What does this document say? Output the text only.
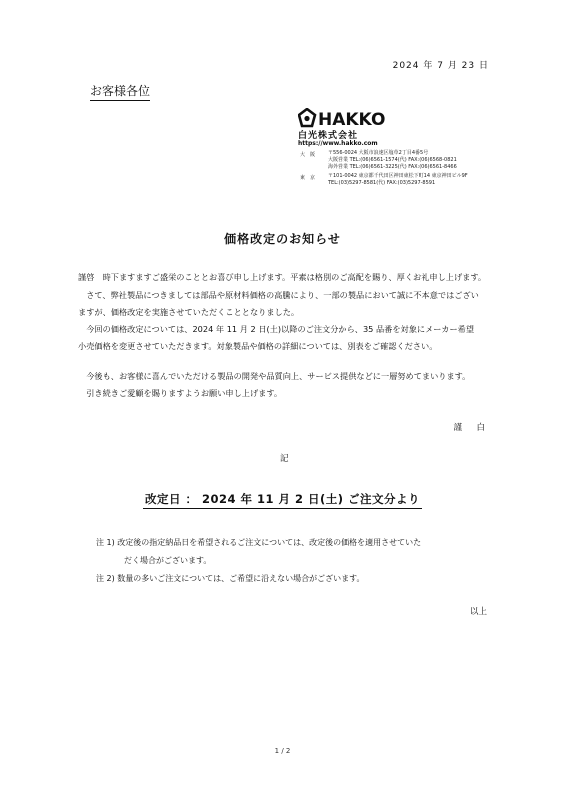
2024 年 7 月 23 日
お客様各位
HAKKO
白光株式会社
https://www.hakko.com
大　阪	〒556-0024 大阪市浪速区塩草2丁目4番5号
大阪営業 TEL:(06)6561-1574(代) FAX:(06)6568-0821
海外営業 TEL:(06)6561-3225(代) FAX:(06)6561-8466
東　京	〒101-0042 東京都千代田区神田東松下町14 東京神田ビル9F
TEL:(03)5297-8581(代) FAX:(03)5297-8591
価格改定のお知らせ
謹啓　時下ますますご盛栄のこととお喜び申し上げます。平素は格別のご高配を賜り、厚くお礼申し上げます。
　さて、弊社製品につきましては部品や原材料価格の高騰により、一部の製品において誠に不本意ではござい
ますが、価格改定を実施させていただくこととなりました。
　今回の価格改定については、2024 年 11 月 2 日(土)以降のご注文分から、35 品番を対象にメーカー希望
小売価格を変更させていただきます。対象製品や価格の詳細については、別表をご確認ください。
　今後も、お客様に喜んでいただける製品の開発や品質向上、サービス提供などに一層努めてまいります。
　引き続きご愛顧を賜りますようお願い申し上げます。
謹　白
記
改定日 ： 2024 年 11 月 2 日(土) ご注文分より
注 1) 改定後の指定納品日を希望されるご注文については、改定後の価格を適用させていた
だく場合がございます。
注 2) 数量の多いご注文については、ご希望に沿えない場合がございます。
以上
1 / 2
